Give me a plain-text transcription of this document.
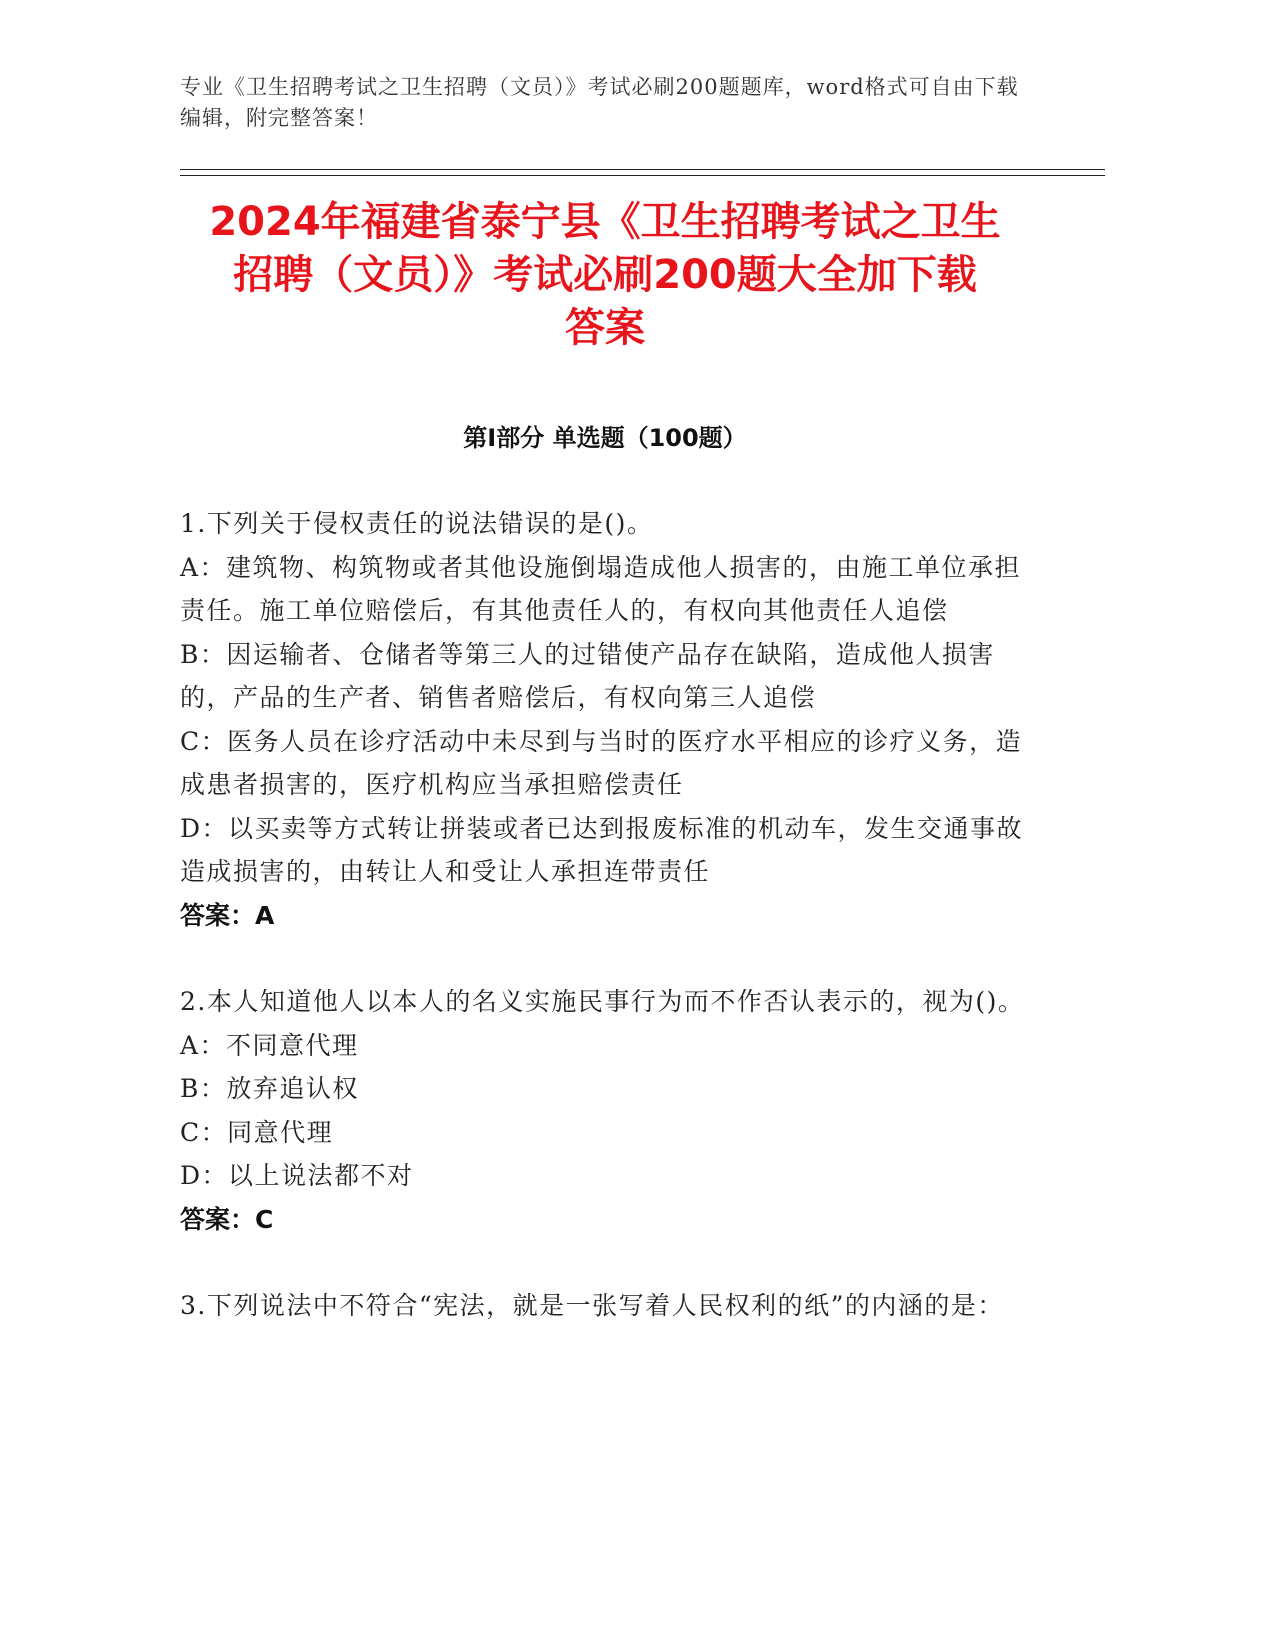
专业《卫生招聘考试之卫生招聘（文员）》考试必刷200题题库，word格式可自由下载编辑，附完整答案！
2024年福建省泰宁县《卫生招聘考试之卫生
招聘（文员）》考试必刷200题大全加下载
答案
第I部分 单选题（100题）
1.下列关于侵权责任的说法错误的是()。
A：建筑物、构筑物或者其他设施倒塌造成他人损害的，由施工单位承担责任。施工单位赔偿后，有其他责任人的，有权向其他责任人追偿
B：因运输者、仓储者等第三人的过错使产品存在缺陷，造成他人损害的，产品的生产者、销售者赔偿后，有权向第三人追偿
C：医务人员在诊疗活动中未尽到与当时的医疗水平相应的诊疗义务，造成患者损害的，医疗机构应当承担赔偿责任
D：以买卖等方式转让拼装或者已达到报废标准的机动车，发生交通事故造成损害的，由转让人和受让人承担连带责任
答案：A
2.本人知道他人以本人的名义实施民事行为而不作否认表示的，视为()。
A：不同意代理
B：放弃追认权
C：同意代理
D：以上说法都不对
答案：C
3.下列说法中不符合“宪法，就是一张写着人民权利的纸”的内涵的是：
